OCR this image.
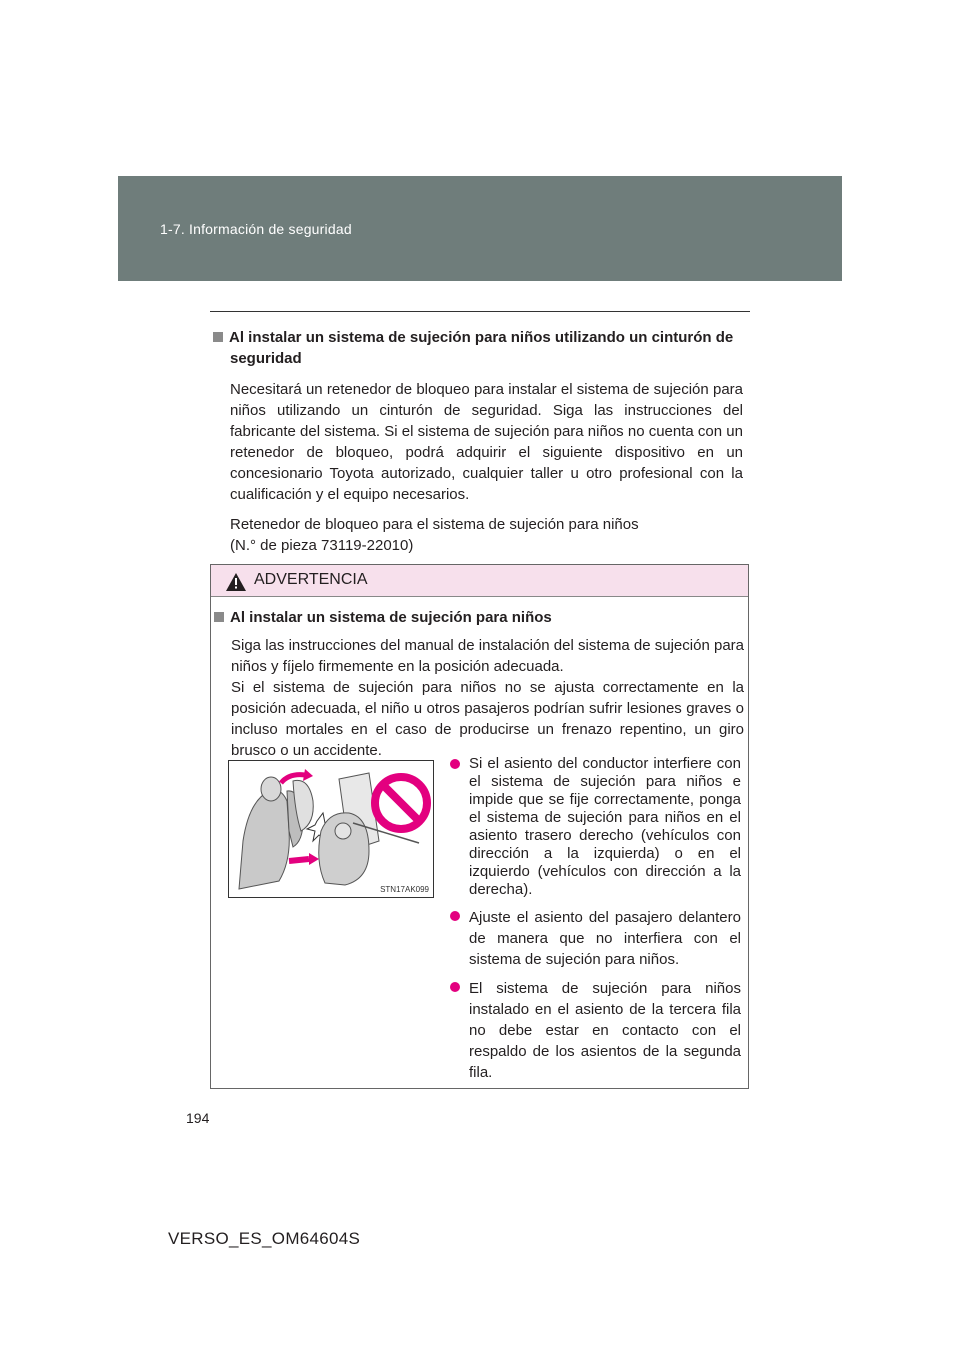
1-7. Información de seguridad
Al instalar un sistema de sujeción para niños utilizando un cinturón de
seguridad
Necesitará un retenedor de bloqueo para instalar el sistema de sujeción para niños utilizando un cinturón de seguridad. Siga las instrucciones del fabricante del sistema. Si el sistema de sujeción para niños no cuenta con un retenedor de bloqueo, podrá adquirir el siguiente dispositivo en un concesionario Toyota autorizado, cualquier taller u otro profesional con la cualificación y el equipo necesarios.
Retenedor de bloqueo para el sistema de sujeción para niños
(N.° de pieza 73119-22010)
ADVERTENCIA
Al instalar un sistema de sujeción para niños
Siga las instrucciones del manual de instalación del sistema de sujeción para niños y fíjelo firmemente en la posición adecuada.
Si el sistema de sujeción para niños no se ajusta correctamente en la posición adecuada, el niño u otros pasajeros podrían sufrir lesiones graves o incluso mortales en el caso de producirse un frenazo repentino, un giro brusco o un accidente.
STN17AK099
Si el asiento del conductor interfiere con el sistema de sujeción para niños e impide que se fije correctamente, ponga el sistema de sujeción para niños en el asiento trasero derecho (vehículos con dirección a la izquierda) o en el izquierdo (vehículos con dirección a la derecha).
Ajuste el asiento del pasajero delantero de manera que no interfiera con el sistema de sujeción para niños.
El sistema de sujeción para niños instalado en el asiento de la tercera fila no debe estar en contacto con el respaldo de los asientos de la segunda fila.
194
VERSO_ES_OM64604S
